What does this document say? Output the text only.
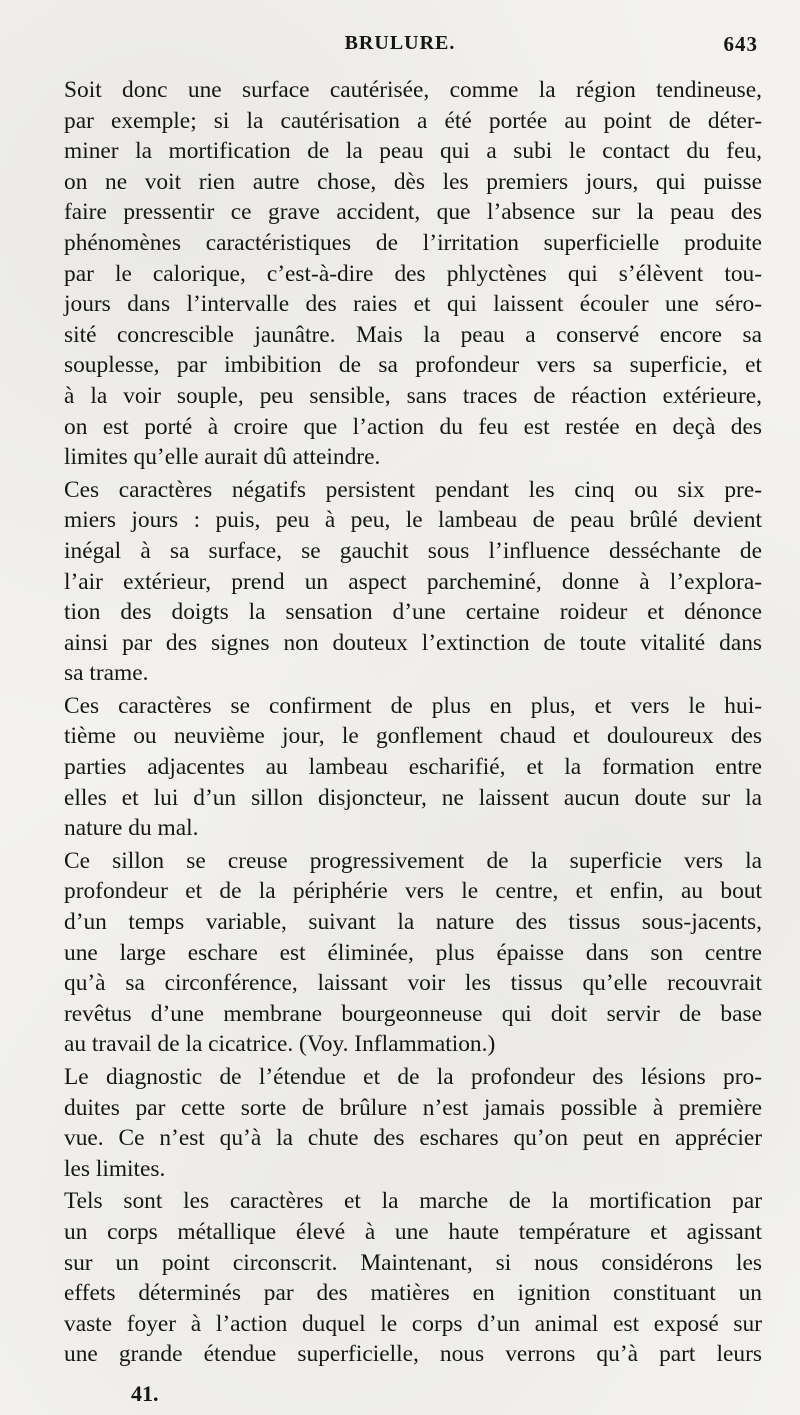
BRULURE.	643

Soit donc une surface cautérisée, comme la région tendineuse,
par exemple; si la cautérisation a été portée au point de déter-
miner la mortification de la peau qui a subi le contact du feu,
on ne voit rien autre chose, dès les premiers jours, qui puisse
faire pressentir ce grave accident, que l’absence sur la peau des
phénomènes caractéristiques de l’irritation superficielle produite
par le calorique, c’est-à-dire des phlyctènes qui s’élèvent tou-
jours dans l’intervalle des raies et qui laissent écouler une séro-
sité concrescible jaunâtre. Mais la peau a conservé encore sa
souplesse, par imbibition de sa profondeur vers sa superficie, et
à la voir souple, peu sensible, sans traces de réaction extérieure,
on est porté à croire que l’action du feu est restée en deçà des
limites qu’elle aurait dû atteindre.

Ces caractères négatifs persistent pendant les cinq ou six pre-
miers jours : puis, peu à peu, le lambeau de peau brûlé devient
inégal à sa surface, se gauchit sous l’influence desséchante de
l’air extérieur, prend un aspect parcheminé, donne à l’explora-
tion des doigts la sensation d’une certaine roideur et dénonce
ainsi par des signes non douteux l’extinction de toute vitalité dans
sa trame.

Ces caractères se confirment de plus en plus, et vers le hui-
tième ou neuvième jour, le gonflement chaud et douloureux des
parties adjacentes au lambeau escharifié, et la formation entre
elles et lui d’un sillon disjoncteur, ne laissent aucun doute sur la
nature du mal.

Ce sillon se creuse progressivement de la superficie vers la
profondeur et de la périphérie vers le centre, et enfin, au bout
d’un temps variable, suivant la nature des tissus sous-jacents,
une large eschare est éliminée, plus épaisse dans son centre
qu’à sa circonférence, laissant voir les tissus qu’elle recouvrait
revêtus d’une membrane bourgeonneuse qui doit servir de base
au travail de la cicatrice. (Voy. Inflammation.)

Le diagnostic de l’étendue et de la profondeur des lésions pro-
duites par cette sorte de brûlure n’est jamais possible à première
vue. Ce n’est qu’à la chute des eschares qu’on peut en apprécier
les limites.

Tels sont les caractères et la marche de la mortification par
un corps métallique élevé à une haute température et agissant
sur un point circonscrit. Maintenant, si nous considérons les
effets déterminés par des matières en ignition constituant un
vaste foyer à l’action duquel le corps d’un animal est exposé sur
une grande étendue superficielle, nous verrons qu’à part leurs

41.
